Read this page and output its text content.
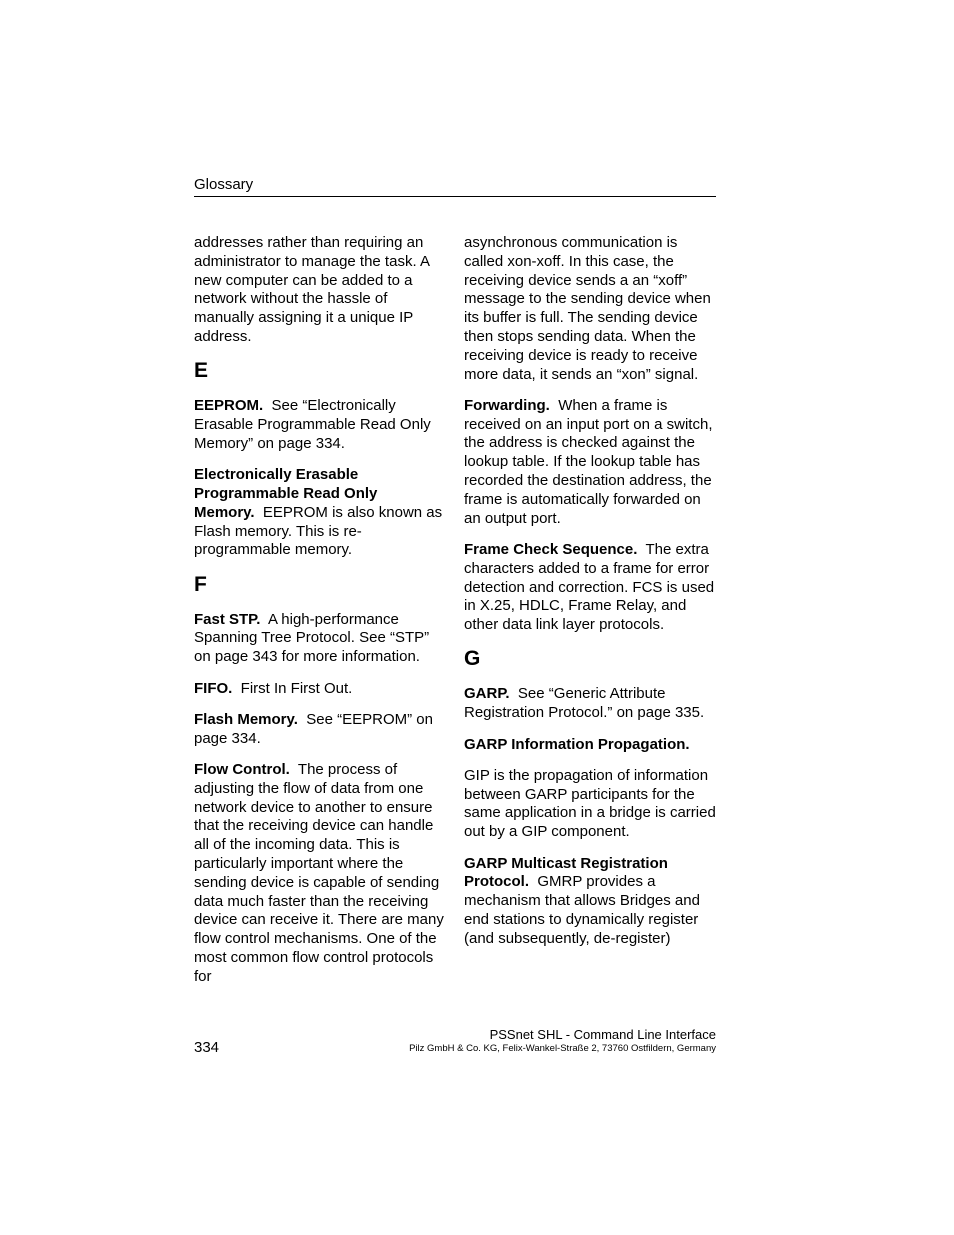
Glossary

addresses rather than requiring an administrator to manage the task. A new computer can be added to a network without the hassle of manually assigning it a unique IP address.

E

EEPROM. See “Electronically Erasable Programmable Read Only Memory” on page 334.

Electronically Erasable Programmable Read Only Memory. EEPROM is also known as Flash memory. This is re-programmable memory.

F

Fast STP. A high-performance Spanning Tree Protocol. See “STP” on page 343 for more information.

FIFO. First In First Out.

Flash Memory. See “EEPROM” on page 334.

Flow Control. The process of adjusting the flow of data from one network device to another to ensure that the receiving device can handle all of the incoming data. This is particularly important where the sending device is capable of sending data much faster than the receiving device can receive it. There are many flow control mechanisms. One of the most common flow control protocols for

asynchronous communication is called xon-xoff. In this case, the receiving device sends a an “xoff” message to the sending device when its buffer is full. The sending device then stops sending data. When the receiving device is ready to receive more data, it sends an “xon” signal.

Forwarding. When a frame is received on an input port on a switch, the address is checked against the lookup table. If the lookup table has recorded the destination address, the frame is automatically forwarded on an output port.

Frame Check Sequence. The extra characters added to a frame for error detection and correction. FCS is used in X.25, HDLC, Frame Relay, and other data link layer protocols.

G

GARP. See “Generic Attribute Registration Protocol.” on page 335.

GARP Information Propagation.

GIP is the propagation of information between GARP participants for the same application in a bridge is carried out by a GIP component.

GARP Multicast Registration Protocol. GMRP provides a mechanism that allows Bridges and end stations to dynamically register (and subsequently, de-register)

334
PSSnet SHL - Command Line Interface
Pilz GmbH & Co. KG, Felix-Wankel-Straße 2, 73760 Ostfildern, Germany
